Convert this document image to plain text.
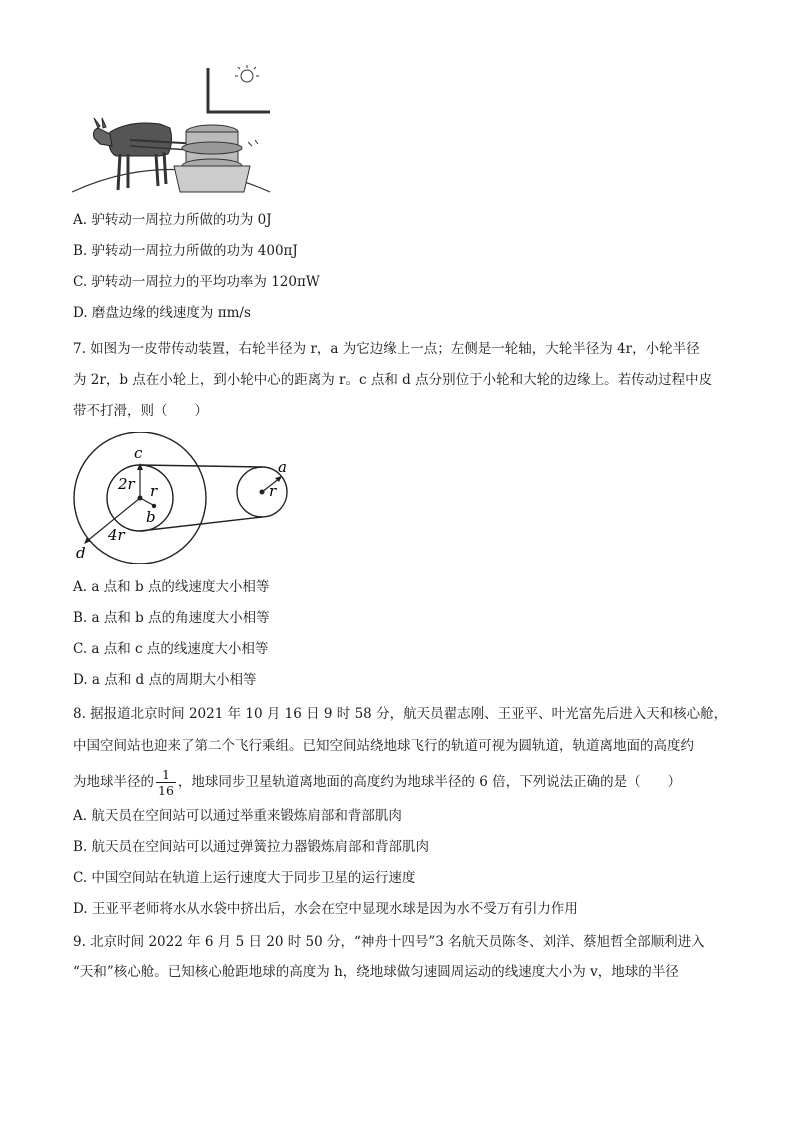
A. 驴转动一周拉力所做的功为 0J
B. 驴转动一周拉力所做的功为 400πJ
C. 驴转动一周拉力的平均功率为 120πW
D. 磨盘边缘的线速度为 πm/s
7. 如图为一皮带传动装置，右轮半径为 r，a 为它边缘上一点；左侧是一轮轴，大轮半径为 4r，小轮半径
为 2r，b 点在小轮上，到小轮中心的距离为 r。c 点和 d 点分别位于小轮和大轮的边缘上。若传动过程中皮
带不打滑，则（　　）
c
2r r
b
4r
d
a
r
A. a 点和 b 点的线速度大小相等
B. a 点和 b 点的角速度大小相等
C. a 点和 c 点的线速度大小相等
D. a 点和 d 点的周期大小相等
8. 据报道北京时间 2021 年 10 月 16 日 9 时 58 分，航天员翟志刚、王亚平、叶光富先后进入天和核心舱，
中国空间站也迎来了第二个飞行乘组。已知空间站绕地球飞行的轨道可视为圆轨道，轨道离地面的高度约
为地球半径的 $\frac{1}{16}$ ，地球同步卫星轨道离地面的高度约为地球半径的 6 倍，下列说法正确的是（　　）
A. 航天员在空间站可以通过举重来锻炼肩部和背部肌肉
B. 航天员在空间站可以通过弹簧拉力器锻炼肩部和背部肌肉
C. 中国空间站在轨道上运行速度大于同步卫星的运行速度
D. 王亚平老师将水从水袋中挤出后，水会在空中显现水球是因为水不受万有引力作用
9. 北京时间 2022 年 6 月 5 日 20 时 50 分，“神舟十四号”3 名航天员陈冬、刘洋、蔡旭哲全部顺利进入
“天和”核心舱。已知核心舱距地球的高度为 h，绕地球做匀速圆周运动的线速度大小为 v，地球的半径
